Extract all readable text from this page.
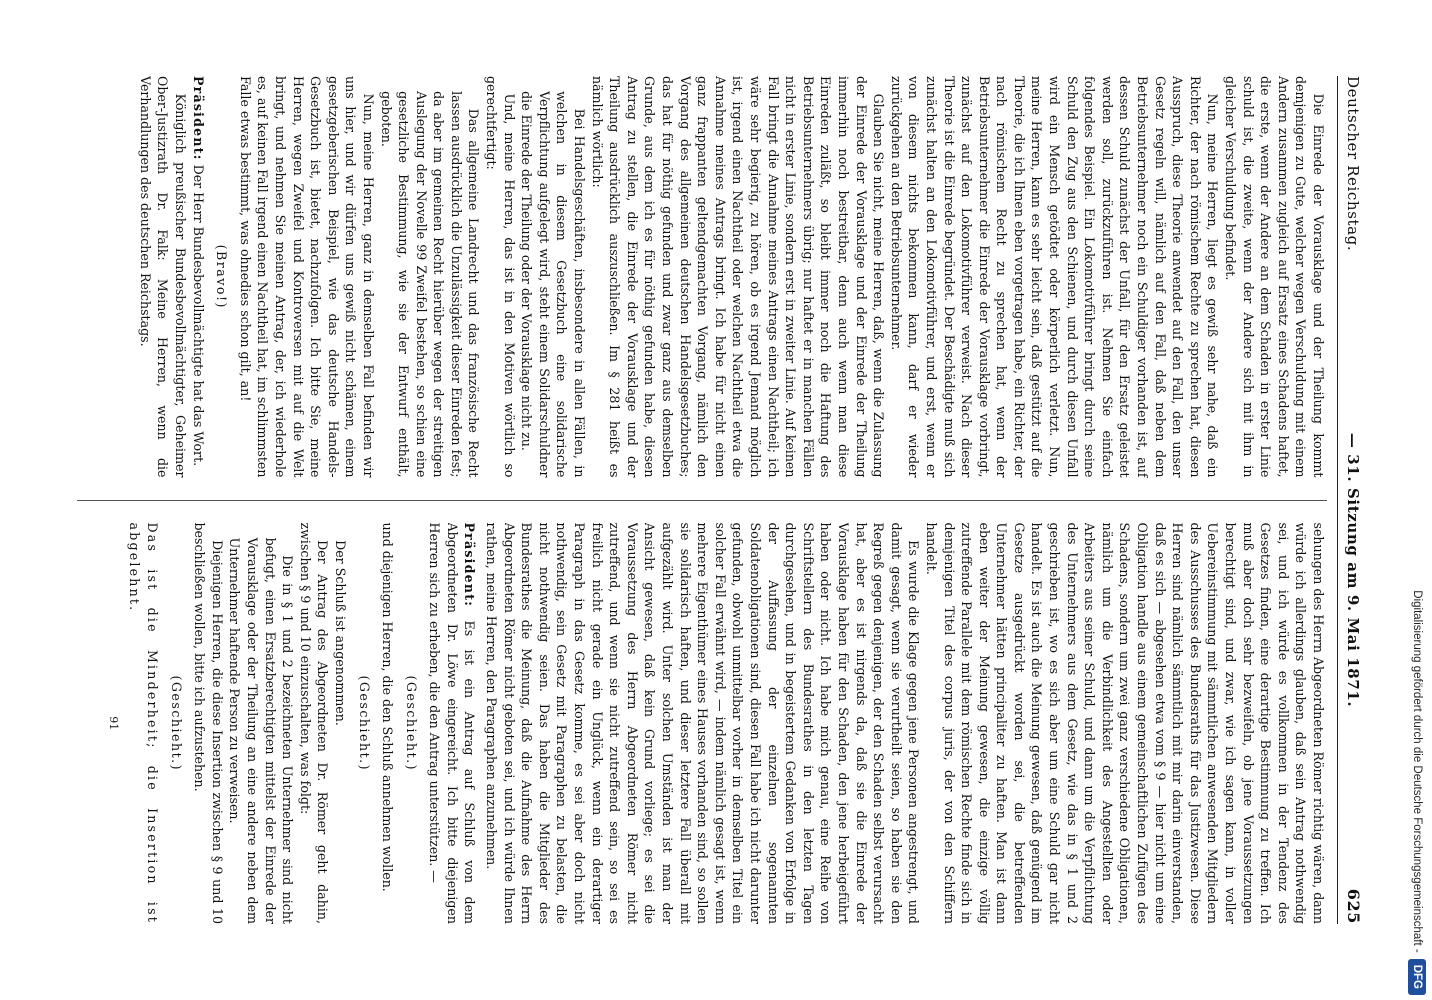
Deutscher Reichstag.
— 31. Sitzung am 9. Mai 1871.
625

Die Einrede der Vorausklage und der Theilung kommt demjenigen zu Gute, welcher wegen Verschuldung mit einem Andern zusammen zugleich auf Ersatz eines Schadens haftet, die erste, wenn der Andere an dem Schaden in erster Linie schuld ist, die zweite, wenn der Andere sich mit ihm in gleicher Verschuldung befindet.

Nun, meine Herren, liegt es gewiß sehr nahe, daß ein Richter, der nach römischem Rechte zu sprechen hat, diesen Ausspruch, diese Theorie anwendet auf den Fall, den unser Gesetz regeln will, nämlich auf den Fall, daß neben dem Betriebsunternehmer noch ein Schuldiger vorhanden ist, auf dessen Schuld zunächst der Unfall, für den Ersatz geleistet werden soll, zurückzuführen ist. Nehmen Sie einfach folgendes Beispiel. Ein Lokomotivführer bringt durch seine Schuld den Zug aus den Schienen, und durch diesen Unfall wird ein Mensch getödtet oder körperlich verletzt. Nun, meine Herren, kann es sehr leicht sein, daß gestützt auf die Theorie, die ich Ihnen eben vorgetragen habe, ein Richter, der nach römischem Recht zu sprechen hat, wenn der Betriebsunternehmer die Einrede der Vorausklage vorbringt, zunächst auf den Lokomotivführer verweist. Nach dieser Theorie ist die Einrede begründet. Der Beschädigte muß sich zunächst halten an den Lokomotivführer, und erst, wenn er von diesem nichts bekommen kann, darf er wieder zurückgehen an den Betriebsunternehmer.

Glauben Sie nicht, meine Herren, daß, wenn die Zulassung der Einrede der Vorausklage und der Einrede der Theilung immerhin noch bestreitbar, denn auch wenn man diese Einreden zuläßt, so bleibt immer noch die Haftung des Betriebsunternehmers übrig; nur haftet er in manchen Fällen nicht in erster Linie, sondern erst in zweiter Linie. Auf keinen Fall bringt die Annahme meines Antrags einen Nachtheil; ich wäre sehr begierig, zu hören, ob es irgend Jemand möglich ist, irgend einen Nachtheil oder welchen Nachtheil etwa die Annahme meines Antrags bringt. Ich habe für nicht einen ganz frappanten geltendgemachten Vorgang, nämlich den Vorgang des allgemeinen deutschen Handelsgesetzbuches; das hat für nöthig gefunden und zwar ganz aus demselben Grunde, aus dem ich es für nöthig gefunden habe, diesen Antrag zu stellen, die Einrede der Vorausklage und der Theilung ausdrücklich auszuschließen. Im § 281 heißt es nämlich wörtlich:

Bei Handelsgeschäften, insbesondere in allen Fällen, in welchen in diesem Gesetzbuch eine solidarische Verpflichtung aufgelegt wird, steht einem Solidarschuldner die Einrede der Theilung oder der Vorausklage nicht zu.

Und, meine Herren, das ist in den Motiven wörtlich so gerechtfertigt:

Das allgemeine Landrecht und das französische Recht lassen ausdrücklich die Unzulässigkeit dieser Einreden fest; da aber im gemeinen Recht hierüber wegen der streitigen Auslegung der Novelle 99 Zweifel bestehen, so schien eine gesetzliche Bestimmung, wie sie der Entwurf enthält, geboten.

Nun, meine Herren, ganz in demselben Fall befinden wir uns hier, und wir dürfen uns gewiß nicht schämen, einem gesetzgeberischen Beispiel, wie das deutsche Handels-Gesetzbuch ist, bietet, nachzufolgen. Ich bitte Sie, meine Herren, wegen Zweifel und Kontroversen mit auf die Welt bringt, und nehmen Sie meinen Antrag, der, ich wiederhole es, auf keinen Fall irgend einen Nachtheil hat, im schlimmsten Falle etwas bestimmt, was ohnedies schon gilt, an!

(Bravo!)

Präsident: Der Herr Bundesbevollmächtigte hat das Wort.

Königlich preußischer Bundesbevollmächtigter, Geheimer Ober-Justizrath Dr. Falk: Meine Herren, wenn die Verhandlungen des deutschen Reichstags.

sehungen des Herrn Abgeordneten Römer richtig wären, dann würde ich allerdings glauben, daß sein Antrag nothwendig sei, und ich würde es vollkommen in der Tendenz des Gesetzes finden, eine derartige Bestimmung zu treffen. Ich muß aber doch sehr bezweifeln, ob jene Voraussetzungen berechtigt sind, und zwar, wie ich sagen kann, in voller Uebereinstimmung mit sämmtlichen anwesenden Mitgliedern des Ausschusses des Bundesraths für das Justizwesen. Diese Herren sind nämlich sämmtlich mit mir darin einverstanden, daß es sich — abgesehen etwa vom § 9 — hier nicht um eine Obligation handle aus einem gemeinschaftlichen Zufügen des Schadens, sondern um zwei ganz verschiedene Obligationen, nämlich um die Verbindlichkeit des Angestellten oder Arbeiters aus seiner Schuld, und dann um die Verpflichtung des Unternehmers aus dem Gesetz, wie das in § 1 und 2 geschrieben ist, wo es sich aber um eine Schuld gar nicht handelt. Es ist auch die Meinung gewesen, daß genügend im Gesetze ausgedrückt worden sei, die betreffenden Unternehmer hätten principaliter zu haften. Man ist dann eben weiter der Meinung gewesen, die einzige völlig zutreffende Parallele mit dem römischen Rechte finde sich in demjenigen Titel des corpus juris, der von den Schiffern handelt.

Es wurde die Klage gegen jene Personen angestrengt, und damit gesagt, wenn sie verurtheilt seien, so haben sie den Regreß gegen denjenigen, der den Schaden selbst verursacht hat, aber es ist nirgends da, daß sie die Einrede der Vorausklage haben für den Schaden, den jene herbeigeführt haben oder nicht. Ich habe mich genau, eine Reihe von Schriftstellern des Bundesrathes in den letzten Tagen durchgesehen, und in begeistertem Gedanken von Erfolge in der Auffassung der einzelnen sogenannten Soldatenobligationen sind, diesen Fall habe ich nicht darunter gefunden, obwohl unmittelbar vorher in demselben Titel ein solcher Fall erwähnt wird, — indem nämlich gesagt ist, wenn mehrere Eigenthümer eines Hauses vorhanden sind, so sollen sie solidarisch haften, und dieser letztere Fall überall mit aufgezählt wird. Unter solchen Umständen ist man der Ansicht gewesen, daß kein Grund vorliege; es sei die Voraussetzung des Herrn Abgeordneten Römer nicht zutreffend, und wenn sie nicht zutreffend sein, so sei es freilich nicht gerade ein Unglück, wenn ein derartiger Paragraph in das Gesetz komme, es sei aber doch nicht nothwendig, sein Gesetz mit Paragraphen zu belasten, die nicht nothwendig seien. Das haben die Mitglieder des Bundesrathes die Meinung, daß die Aufnahme des Herrn Abgeordneten Römer nicht geboten sei, und ich würde Ihnen rathen, meine Herren, den Paragraphen anzunehmen.

Präsident: Es ist ein Antrag auf Schluß von dem Abgeordneten Dr. Löwe eingereicht. Ich bitte diejenigen Herren sich zu erheben, die den Antrag unterstützen. —

(Geschieht.)

und diejenigen Herren, die den Schluß annehmen wollen.

(Geschieht.)

Der Schluß ist angenommen.

Der Antrag des Abgeordneten Dr. Römer geht dahin, zwischen § 9 und 10 einzuschalten, was folgt:

Die in § 1 und 2 bezeichneten Unternehmer sind nicht befugt, einen Ersatzberechtigten mittelst der Einrede der Vorausklage oder der Theilung an eine andere neben dem Unternehmer haftende Person zu verweisen.

Diejenigen Herren, die diese Insertion zwischen § 9 und 10 beschließen wollen, bitte ich aufzustehen.

(Geschieht.)

Das ist die Minderheit; die Insertion ist abgelehnt.

91	Digitalisierung gefördert durch die Deutsche Forschungsgemeinschaft -DFG
